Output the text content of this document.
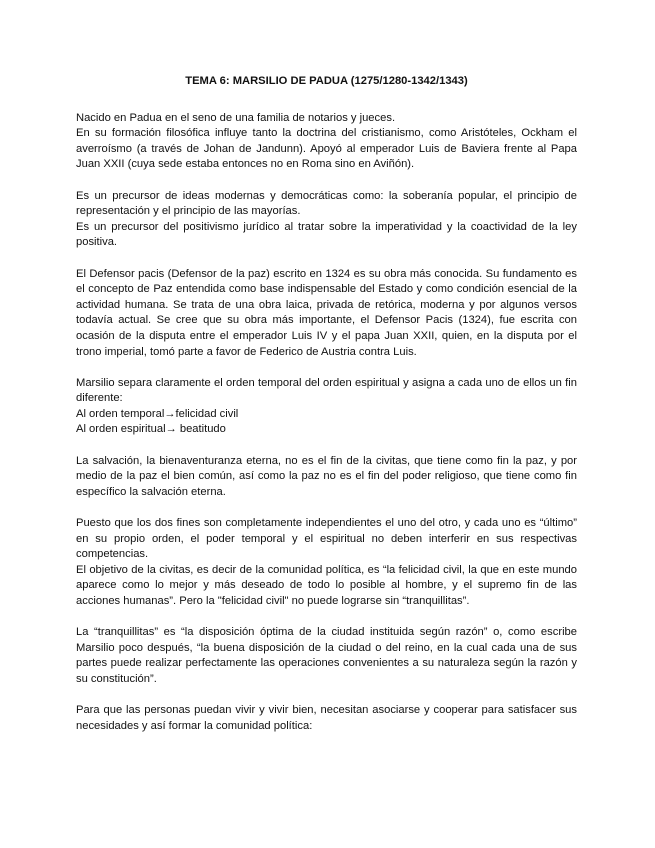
TEMA 6: MARSILIO DE PADUA (1275/1280-1342/1343)
Nacido en Padua en el seno de una familia de notarios y jueces.
En su formación filosófica influye tanto la doctrina del cristianismo, como Aristóteles, Ockham el averroísmo (a través de Johan de Jandunn). Apoyó al emperador Luis de Baviera frente al Papa Juan XXII (cuya sede estaba entonces no en Roma sino en Aviñón).
Es un precursor de ideas modernas y democráticas como: la soberanía popular, el principio de representación y el principio de las mayorías.
Es un precursor del positivismo jurídico al tratar sobre la imperatividad y la coactividad de la ley positiva.
El Defensor pacis (Defensor de la paz) escrito en 1324 es su obra más conocida. Su fundamento es el concepto de Paz entendida como base indispensable del Estado y como condición esencial de la actividad humana. Se trata de una obra laica, privada de retórica, moderna y por algunos versos todavía actual. Se cree que su obra más importante, el Defensor Pacis (1324), fue escrita con ocasión de la disputa entre el emperador Luis IV y el papa Juan XXII, quien, en la disputa por el trono imperial, tomó parte a favor de Federico de Austria contra Luis.
Marsilio separa claramente el orden temporal del orden espiritual y asigna a cada uno de ellos un fin diferente:
Al orden temporal→felicidad civil
Al orden espiritual→ beatitudo
La salvación, la bienaventuranza eterna, no es el fin de la civitas, que tiene como fin la paz, y por medio de la paz el bien común, así como la paz no es el fin del poder religioso, que tiene como fin específico la salvación eterna.
Puesto que los dos fines son completamente independientes el uno del otro, y cada uno es “último” en su propio orden, el poder temporal y el espiritual no deben interferir en sus respectivas competencias.
El objetivo de la civitas, es decir de la comunidad política, es “la felicidad civil, la que en este mundo aparece como lo mejor y más deseado de todo lo posible al hombre, y el supremo fin de las acciones humanas”. Pero la "felicidad civil" no puede lograrse sin “tranquillitas”.
La “tranquillitas” es “la disposición óptima de la ciudad instituida según razón” o, como escribe Marsilio poco después, “la buena disposición de la ciudad o del reino, en la cual cada una de sus partes puede realizar perfectamente las operaciones convenientes a su naturaleza según la razón y su constitución”.
Para que las personas puedan vivir y vivir bien, necesitan asociarse y cooperar para satisfacer sus necesidades y así formar la comunidad política:
